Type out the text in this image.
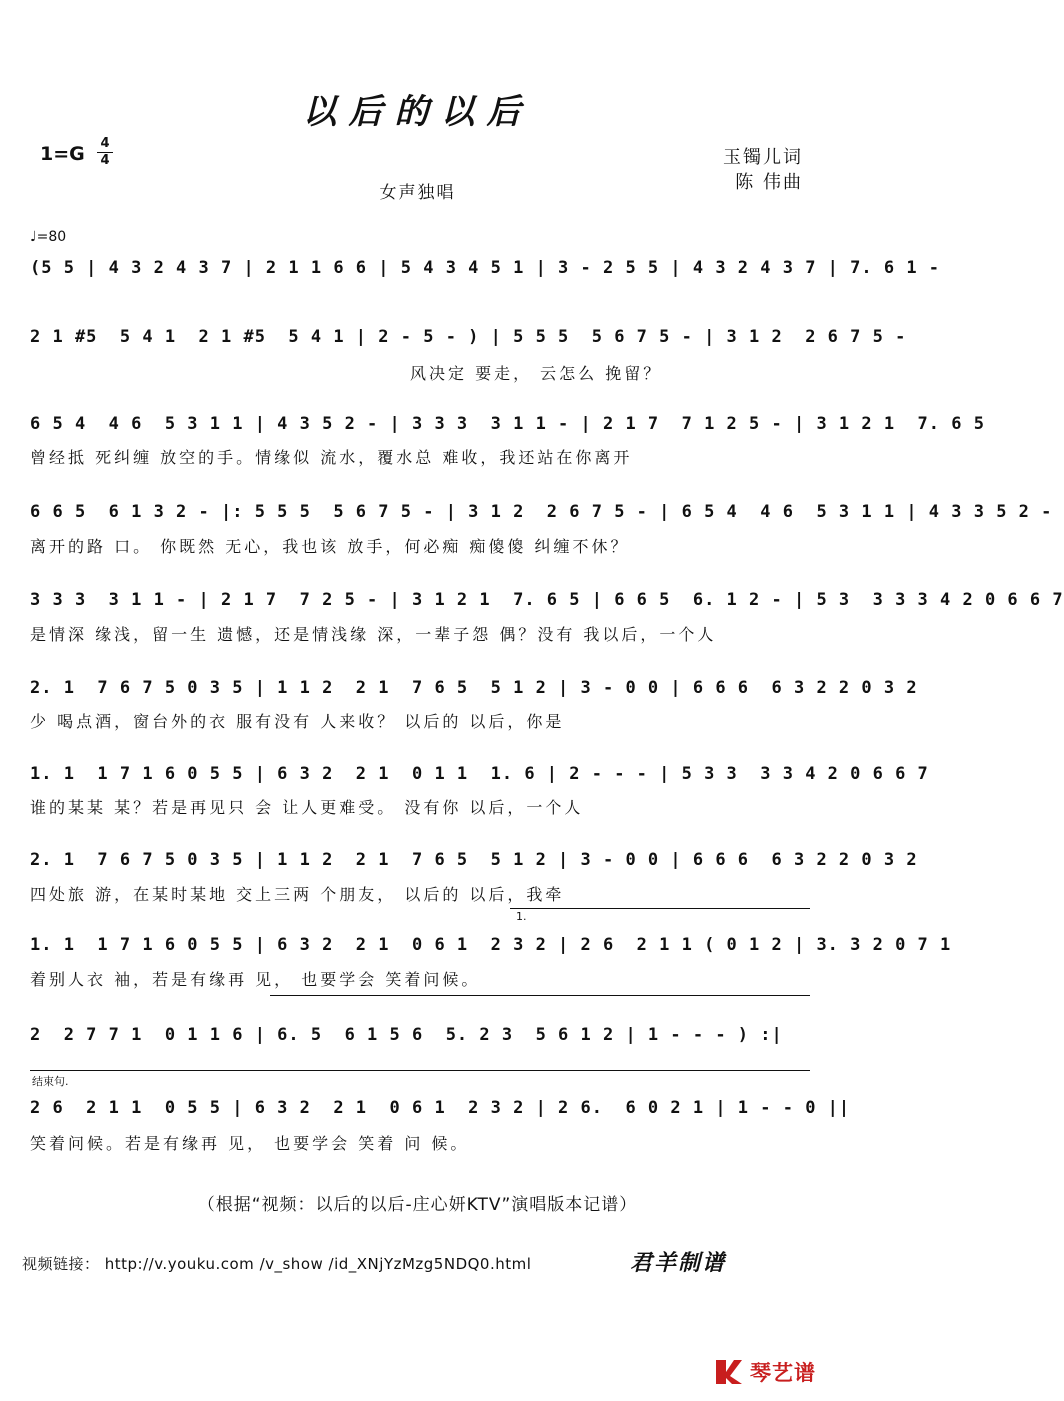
以后的以后
1=G 4
4	玉镯儿词
陈 伟曲
女声独唱
♩=80
(5 5 | 4 3 2 4 3 7 | 2 1 1 6 6 | 5 4 3 4 5 1 | 3 - 2 5 5 | 4 3 2 4 3 7 | 7. 6 1 -
2 1 #5  5 4 1  2 1 #5  5 4 1 | 2 - 5 - ) | 5 5 5  5 6 7 5 - | 3 1 2  2 6 7 5 -
风决定 要走， 云怎么 挽留？
6 5 4  4 6  5 3 1 1 | 4 3 5 2 - | 3 3 3  3 1 1 - | 2 1 7  7 1 2 5 - | 3 1 2 1  7. 6 5
曾经抵 死纠缠 放空的手。情缘似 流水，覆水总 难收，我还站在你离开
6 6 5  6 1 3 2 - |: 5 5 5  5 6 7 5 - | 3 1 2  2 6 7 5 - | 6 5 4  4 6  5 3 1 1 | 4 3 3 5 2 -
离开的路 口。 你既然 无心，我也该 放手，何必痴 痴傻傻 纠缠不休？
3 3 3  3 1 1 - | 2 1 7  7 2 5 - | 3 1 2 1  7. 6 5 | 6 6 5  6. 1 2 - | 5 3  3 3 3 4 2 0 6 6 7
是情深 缘浅，留一生 遗憾，还是情浅缘 深，一辈子怨 偶？没有 我以后，一个人
2. 1  7 6 7 5 0 3 5 | 1 1 2  2 1  7 6 5  5 1 2 | 3 - 0 0 | 6 6 6  6 3 2 2 0 3 2
少 喝点酒，窗台外的衣 服有没有 人来收？ 以后的 以后，你是
1. 1  1 7 1 6 0 5 5 | 6 3 2  2 1  0 1 1  1. 6 | 2 - - - | 5 3 3  3 3 4 2 0 6 6 7
谁的某某 某？若是再见只 会 让人更难受。 没有你 以后，一个人
2. 1  7 6 7 5 0 3 5 | 1 1 2  2 1  7 6 5  5 1 2 | 3 - 0 0 | 6 6 6  6 3 2 2 0 3 2
四处旅 游，在某时某地 交上三两 个朋友， 以后的 以后，我牵
1.
1. 1  1 7 1 6 0 5 5 | 6 3 2  2 1  0 6 1  2 3 2 | 2 6  2 1 1 ( 0 1 2 | 3. 3 2 0 7 1
着别人衣 袖，若是有缘再 见， 也要学会 笑着问候。
2  2 7 7 1  0 1 1 6 | 6. 5  6 1 5 6  5. 2 3  5 6 1 2 | 1 - - - ) :|
结束句.
2 6  2 1 1  0 5 5 | 6 3 2  2 1  0 6 1  2 3 2 | 2 6.  6 0 2 1 | 1 - - 0 ||
笑着问候。若是有缘再 见， 也要学会 笑着 问 候。
（根据“视频：以后的以后-庄心妍KTV”演唱版本记谱）
视频链接： http://v.youku.com /v_show /id_XNjYzMzg5NDQ0.html	君羊制谱
琴艺谱
